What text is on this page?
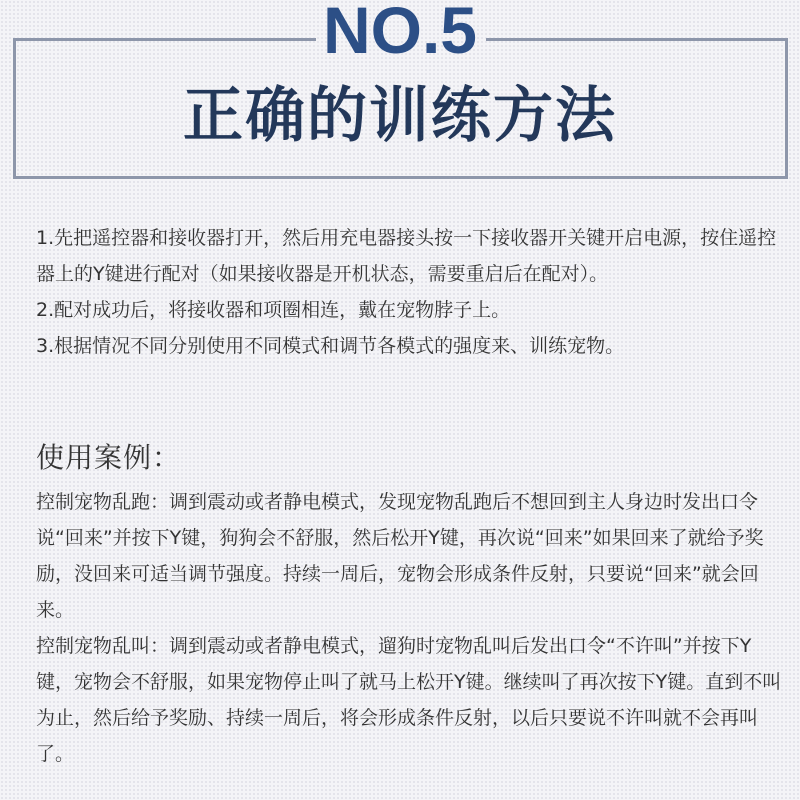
NO.5
正确的训练方法

1.先把遥控器和接收器打开，然后用充电器接头按一下接收器开关键开启电源，按住遥控器上的Y键进行配对（如果接收器是开机状态，需要重启后在配对）。

2.配对成功后，将接收器和项圈相连，戴在宠物脖子上。

3.根据情况不同分别使用不同模式和调节各模式的强度来、训练宠物。

使用案例：

控制宠物乱跑：调到震动或者静电模式，发现宠物乱跑后不想回到主人身边时发出口令说“回来”并按下Y键，狗狗会不舒服，然后松开Y键，再次说“回来”如果回来了就给予奖励，没回来可适当调节强度。持续一周后，宠物会形成条件反射，只要说“回来”就会回来。

控制宠物乱叫：调到震动或者静电模式，遛狗时宠物乱叫后发出口令“不许叫”并按下Y键，宠物会不舒服，如果宠物停止叫了就马上松开Y键。继续叫了再次按下Y键。直到不叫为止，然后给予奖励、持续一周后，将会形成条件反射，以后只要说不许叫就不会再叫了。
